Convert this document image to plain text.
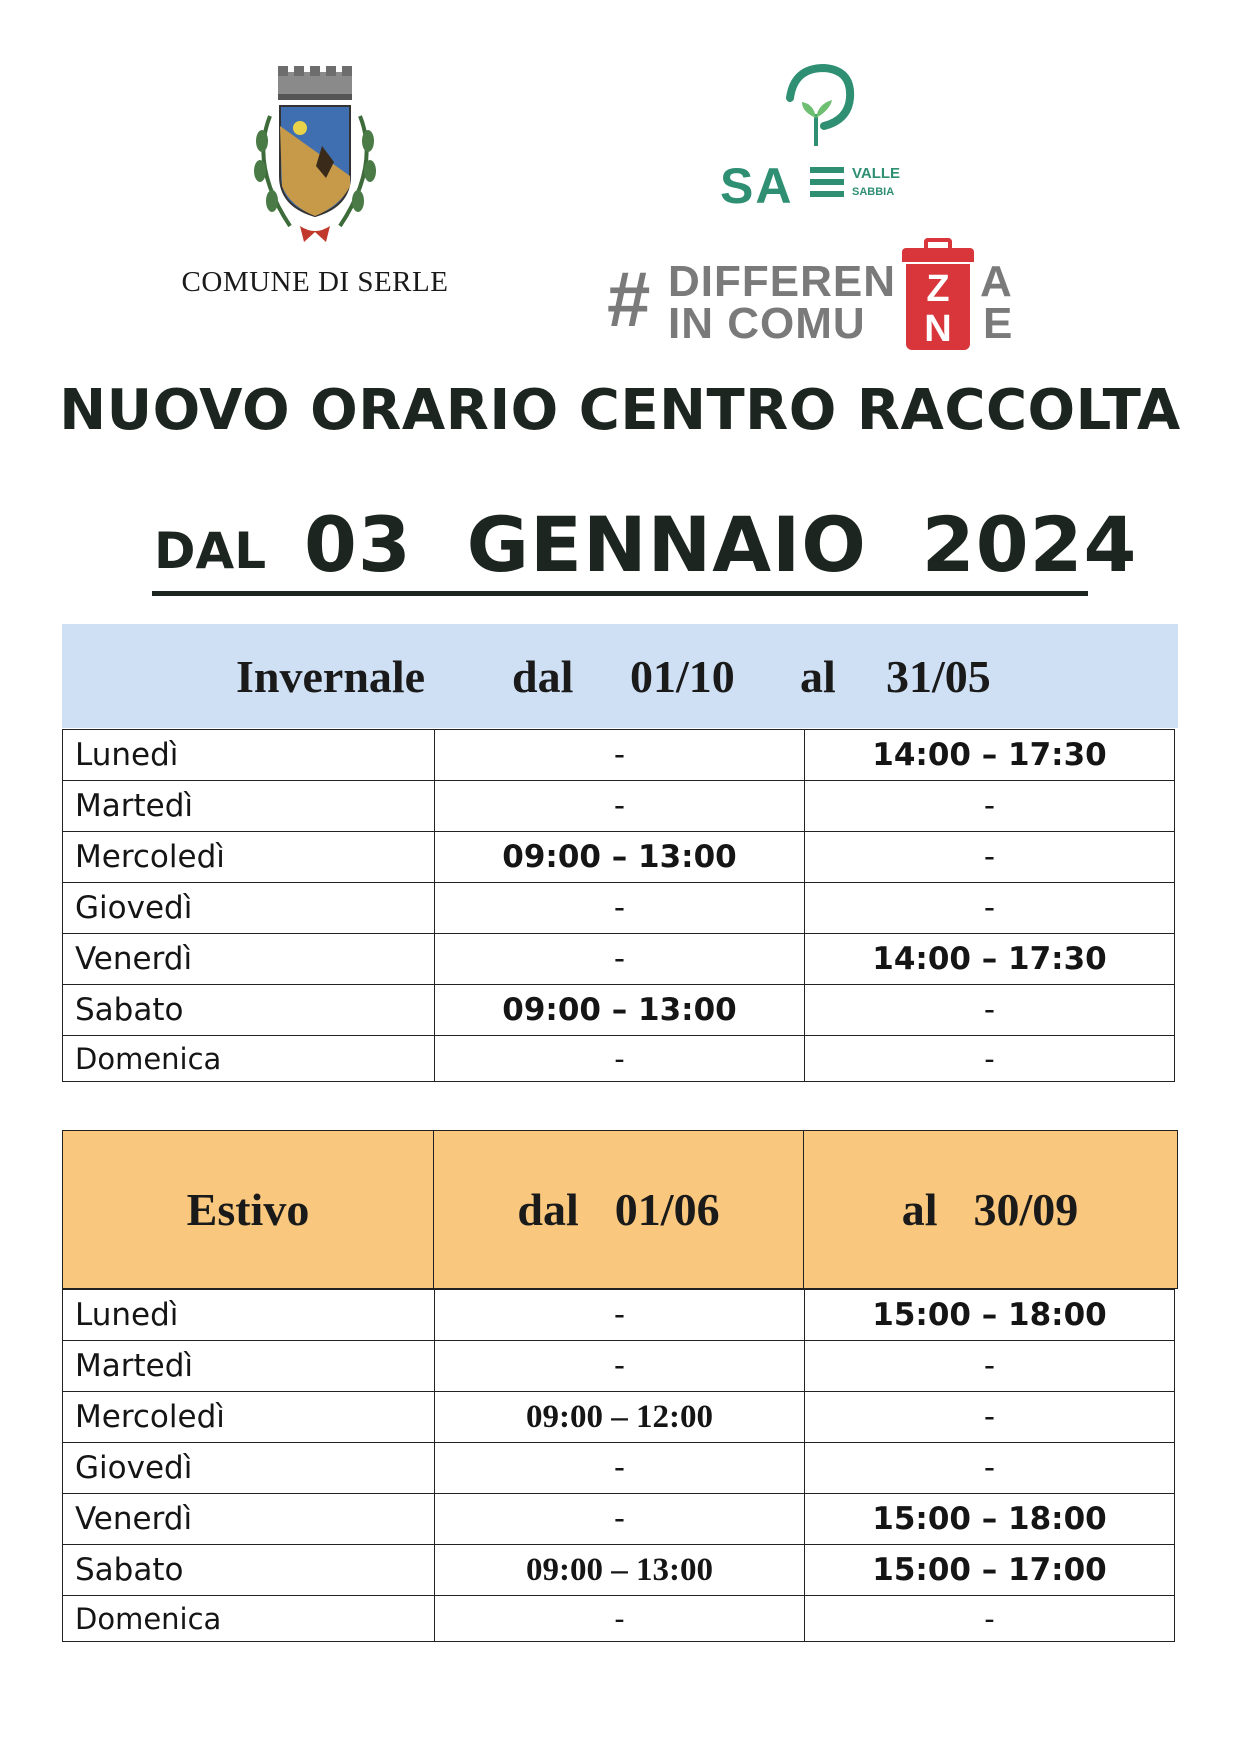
COMUNE DI SERLE
SA	VALLE
SABBIA
# DIFFEREN
IN COMU
Z
N
A
E
NUOVO ORARIO CENTRO RACCOLTA
DAL 03  GENNAIO  2024
Invernale dal 01/10 al 31/05
Lunedì	-	14:00 – 17:30
Martedì	-	-
Mercoledì	09:00 – 13:00	-
Giovedì	-	-
Venerdì	-	14:00 – 17:30
Sabato	09:00 – 13:00	-
Domenica	-	-
Estivo	dal 01/06	al 30/09
Lunedì	-	15:00 – 18:00
Martedì	-	-
Mercoledì	09:00 – 12:00	-
Giovedì	-	-
Venerdì	-	15:00 – 18:00
Sabato	09:00 – 13:00	15:00 – 17:00
Domenica	-	-
